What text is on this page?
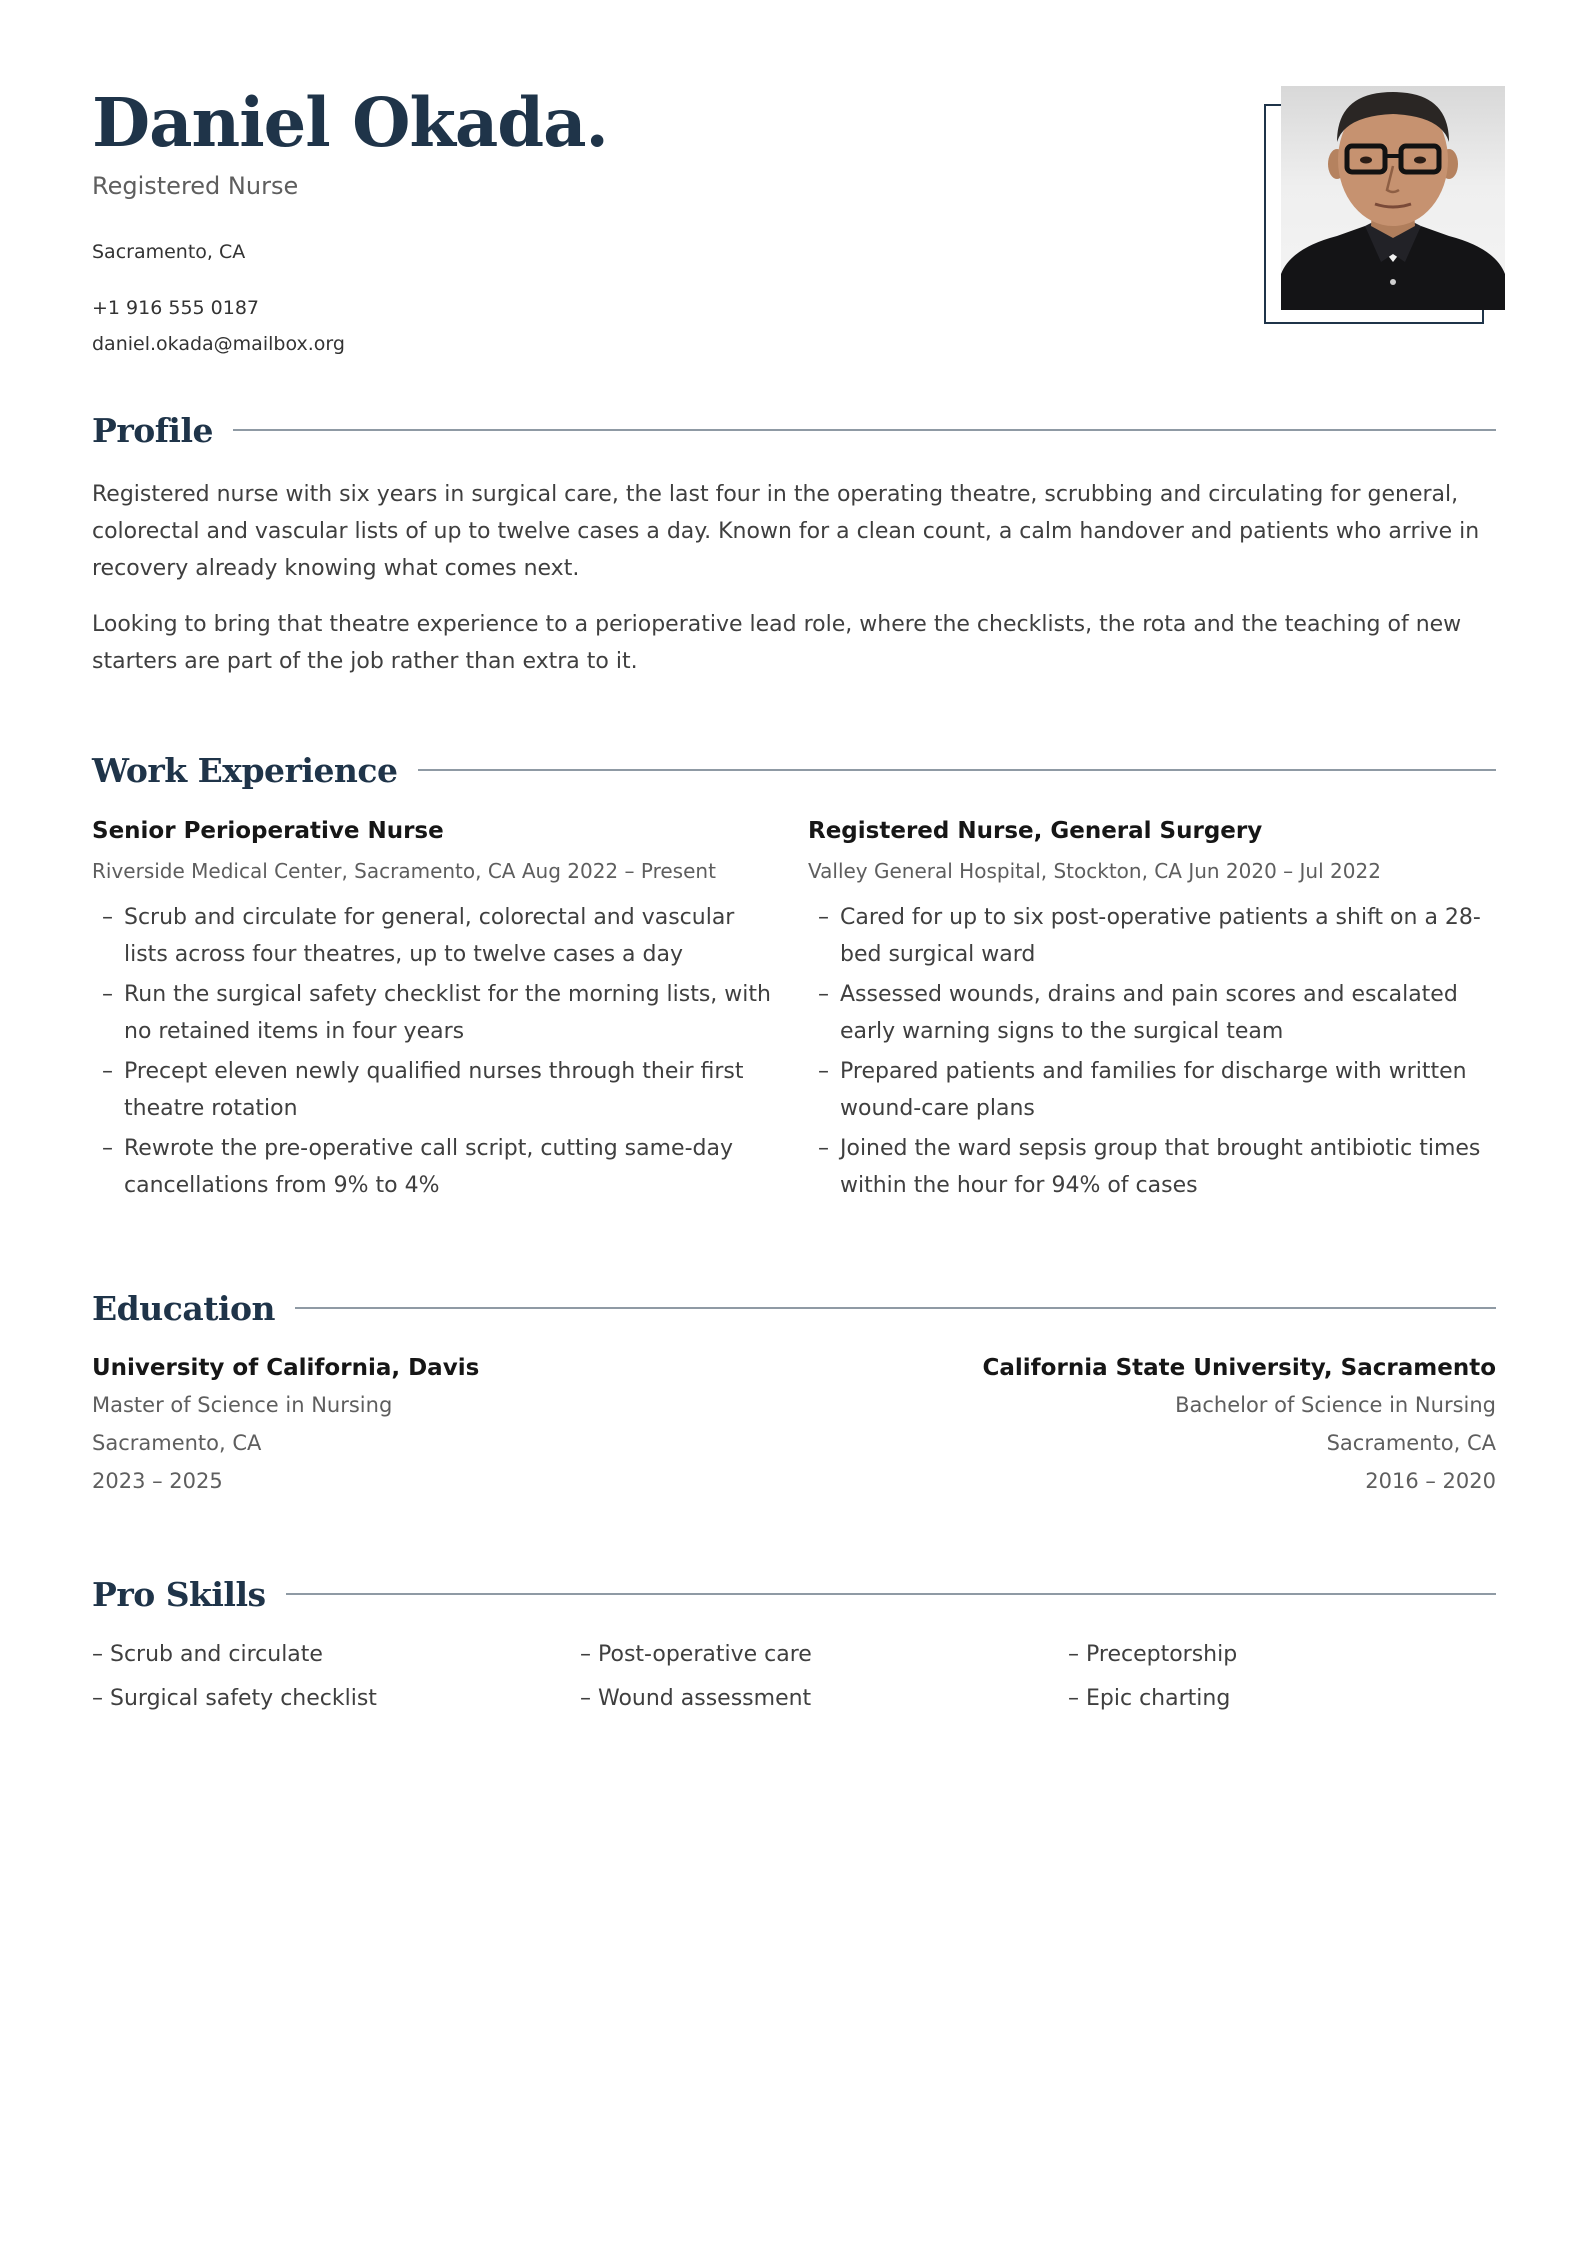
Daniel Okada.
Registered Nurse
Sacramento, CA
+1 916 555 0187
daniel.okada@mailbox.org
Profile

Registered nurse with six years in surgical care, the last four in the operating theatre, scrubbing and circulating for general, colorectal and vascular lists of up to twelve cases a day. Known for a clean count, a calm handover and patients who arrive in recovery already knowing what comes next.

Looking to bring that theatre experience to a perioperative lead role, where the checklists, the rota and the teaching of new starters are part of the job rather than extra to it.

Work Experience
Senior Perioperative Nurse
Riverside Medical Center, Sacramento, CA Aug 2022 – Present
– Scrub and circulate for general, colorectal and vascular lists across four theatres, up to twelve cases a day
– Run the surgical safety checklist for the morning lists, with no retained items in four years
– Precept eleven newly qualified nurses through their first theatre rotation
– Rewrote the pre-operative call script, cutting same-day cancellations from 9% to 4%
Registered Nurse, General Surgery
Valley General Hospital, Stockton, CA Jun 2020 – Jul 2022
– Cared for up to six post-operative patients a shift on a 28-bed surgical ward
– Assessed wounds, drains and pain scores and escalated early warning signs to the surgical team
– Prepared patients and families for discharge with written wound-care plans
– Joined the ward sepsis group that brought antibiotic times within the hour for 94% of cases
Education
University of California, Davis
Master of Science in Nursing
Sacramento, CA
2023 – 2025
California State University, Sacramento
Bachelor of Science in Nursing
Sacramento, CA
2016 – 2020
Pro Skills
– Scrub and circulate	– Post-operative care	– Preceptorship
– Surgical safety checklist	– Wound assessment	– Epic charting
